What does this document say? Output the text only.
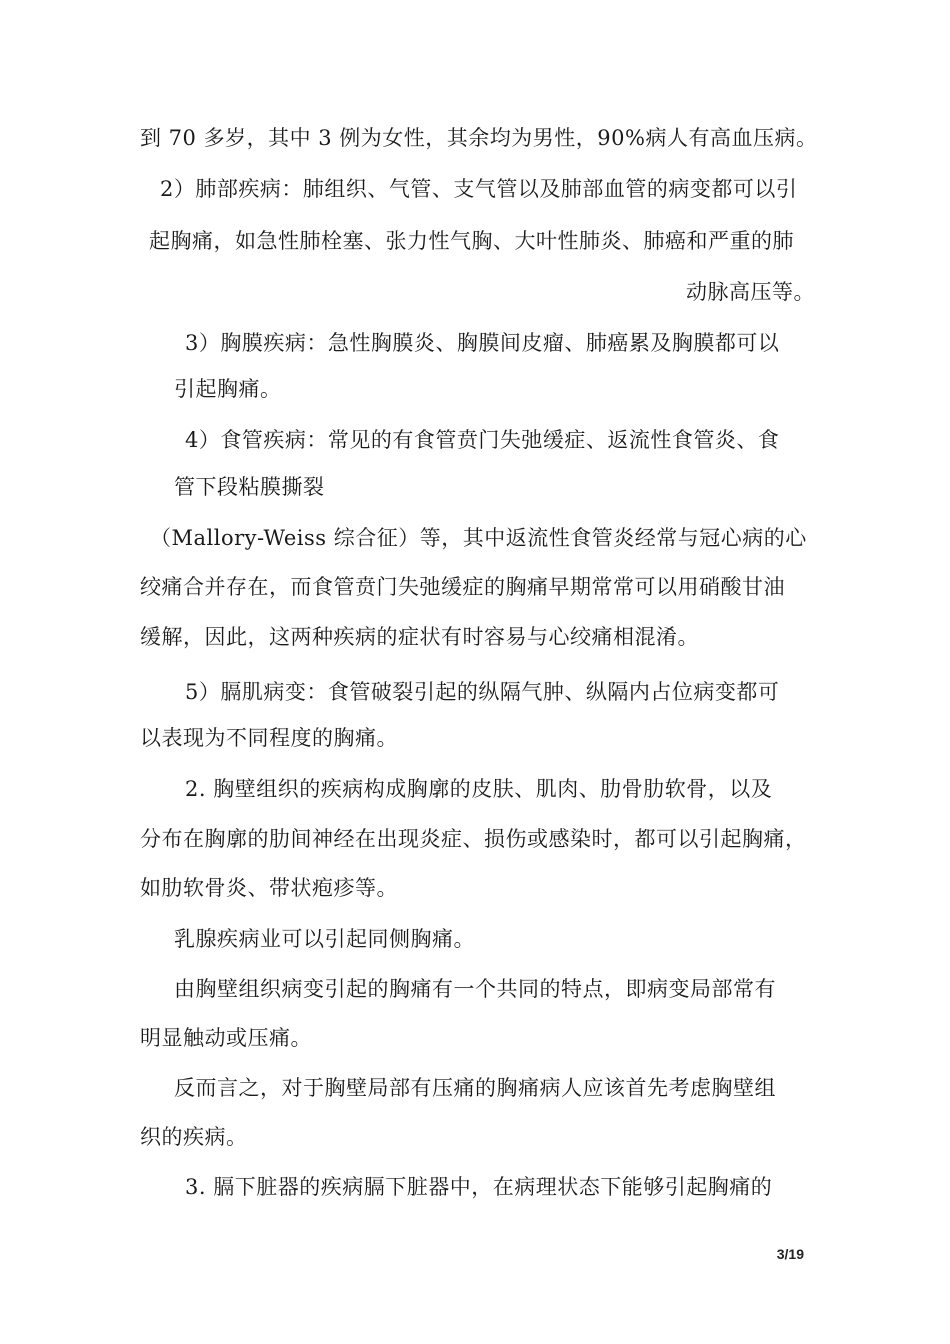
到 70 多岁，其中 3 例为女性，其余均为男性，90%病人有高血压病。
2）肺部疾病：肺组织、气管、支气管以及肺部血管的病变都可以引
起胸痛，如急性肺栓塞、张力性气胸、大叶性肺炎、肺癌和严重的肺
动脉高压等。
3）胸膜疾病：急性胸膜炎、胸膜间皮瘤、肺癌累及胸膜都可以
引起胸痛。
4）食管疾病：常见的有食管贲门失弛缓症、返流性食管炎、食
管下段粘膜撕裂
（Mallory-Weiss 综合征）等，其中返流性食管炎经常与冠心病的心
绞痛合并存在，而食管贲门失弛缓症的胸痛早期常常可以用硝酸甘油
缓解，因此，这两种疾病的症状有时容易与心绞痛相混淆。
5）膈肌病变：食管破裂引起的纵隔气肿、纵隔内占位病变都可
以表现为不同程度的胸痛。
2. 胸壁组织的疾病构成胸廓的皮肤、肌肉、肋骨肋软骨，以及
分布在胸廓的肋间神经在出现炎症、损伤或感染时，都可以引起胸痛，
如肋软骨炎、带状疱疹等。
乳腺疾病业可以引起同侧胸痛。
由胸壁组织病变引起的胸痛有一个共同的特点，即病变局部常有
明显触动或压痛。
反而言之，对于胸壁局部有压痛的胸痛病人应该首先考虑胸壁组
织的疾病。
3. 膈下脏器的疾病膈下脏器中，在病理状态下能够引起胸痛的
3/19
